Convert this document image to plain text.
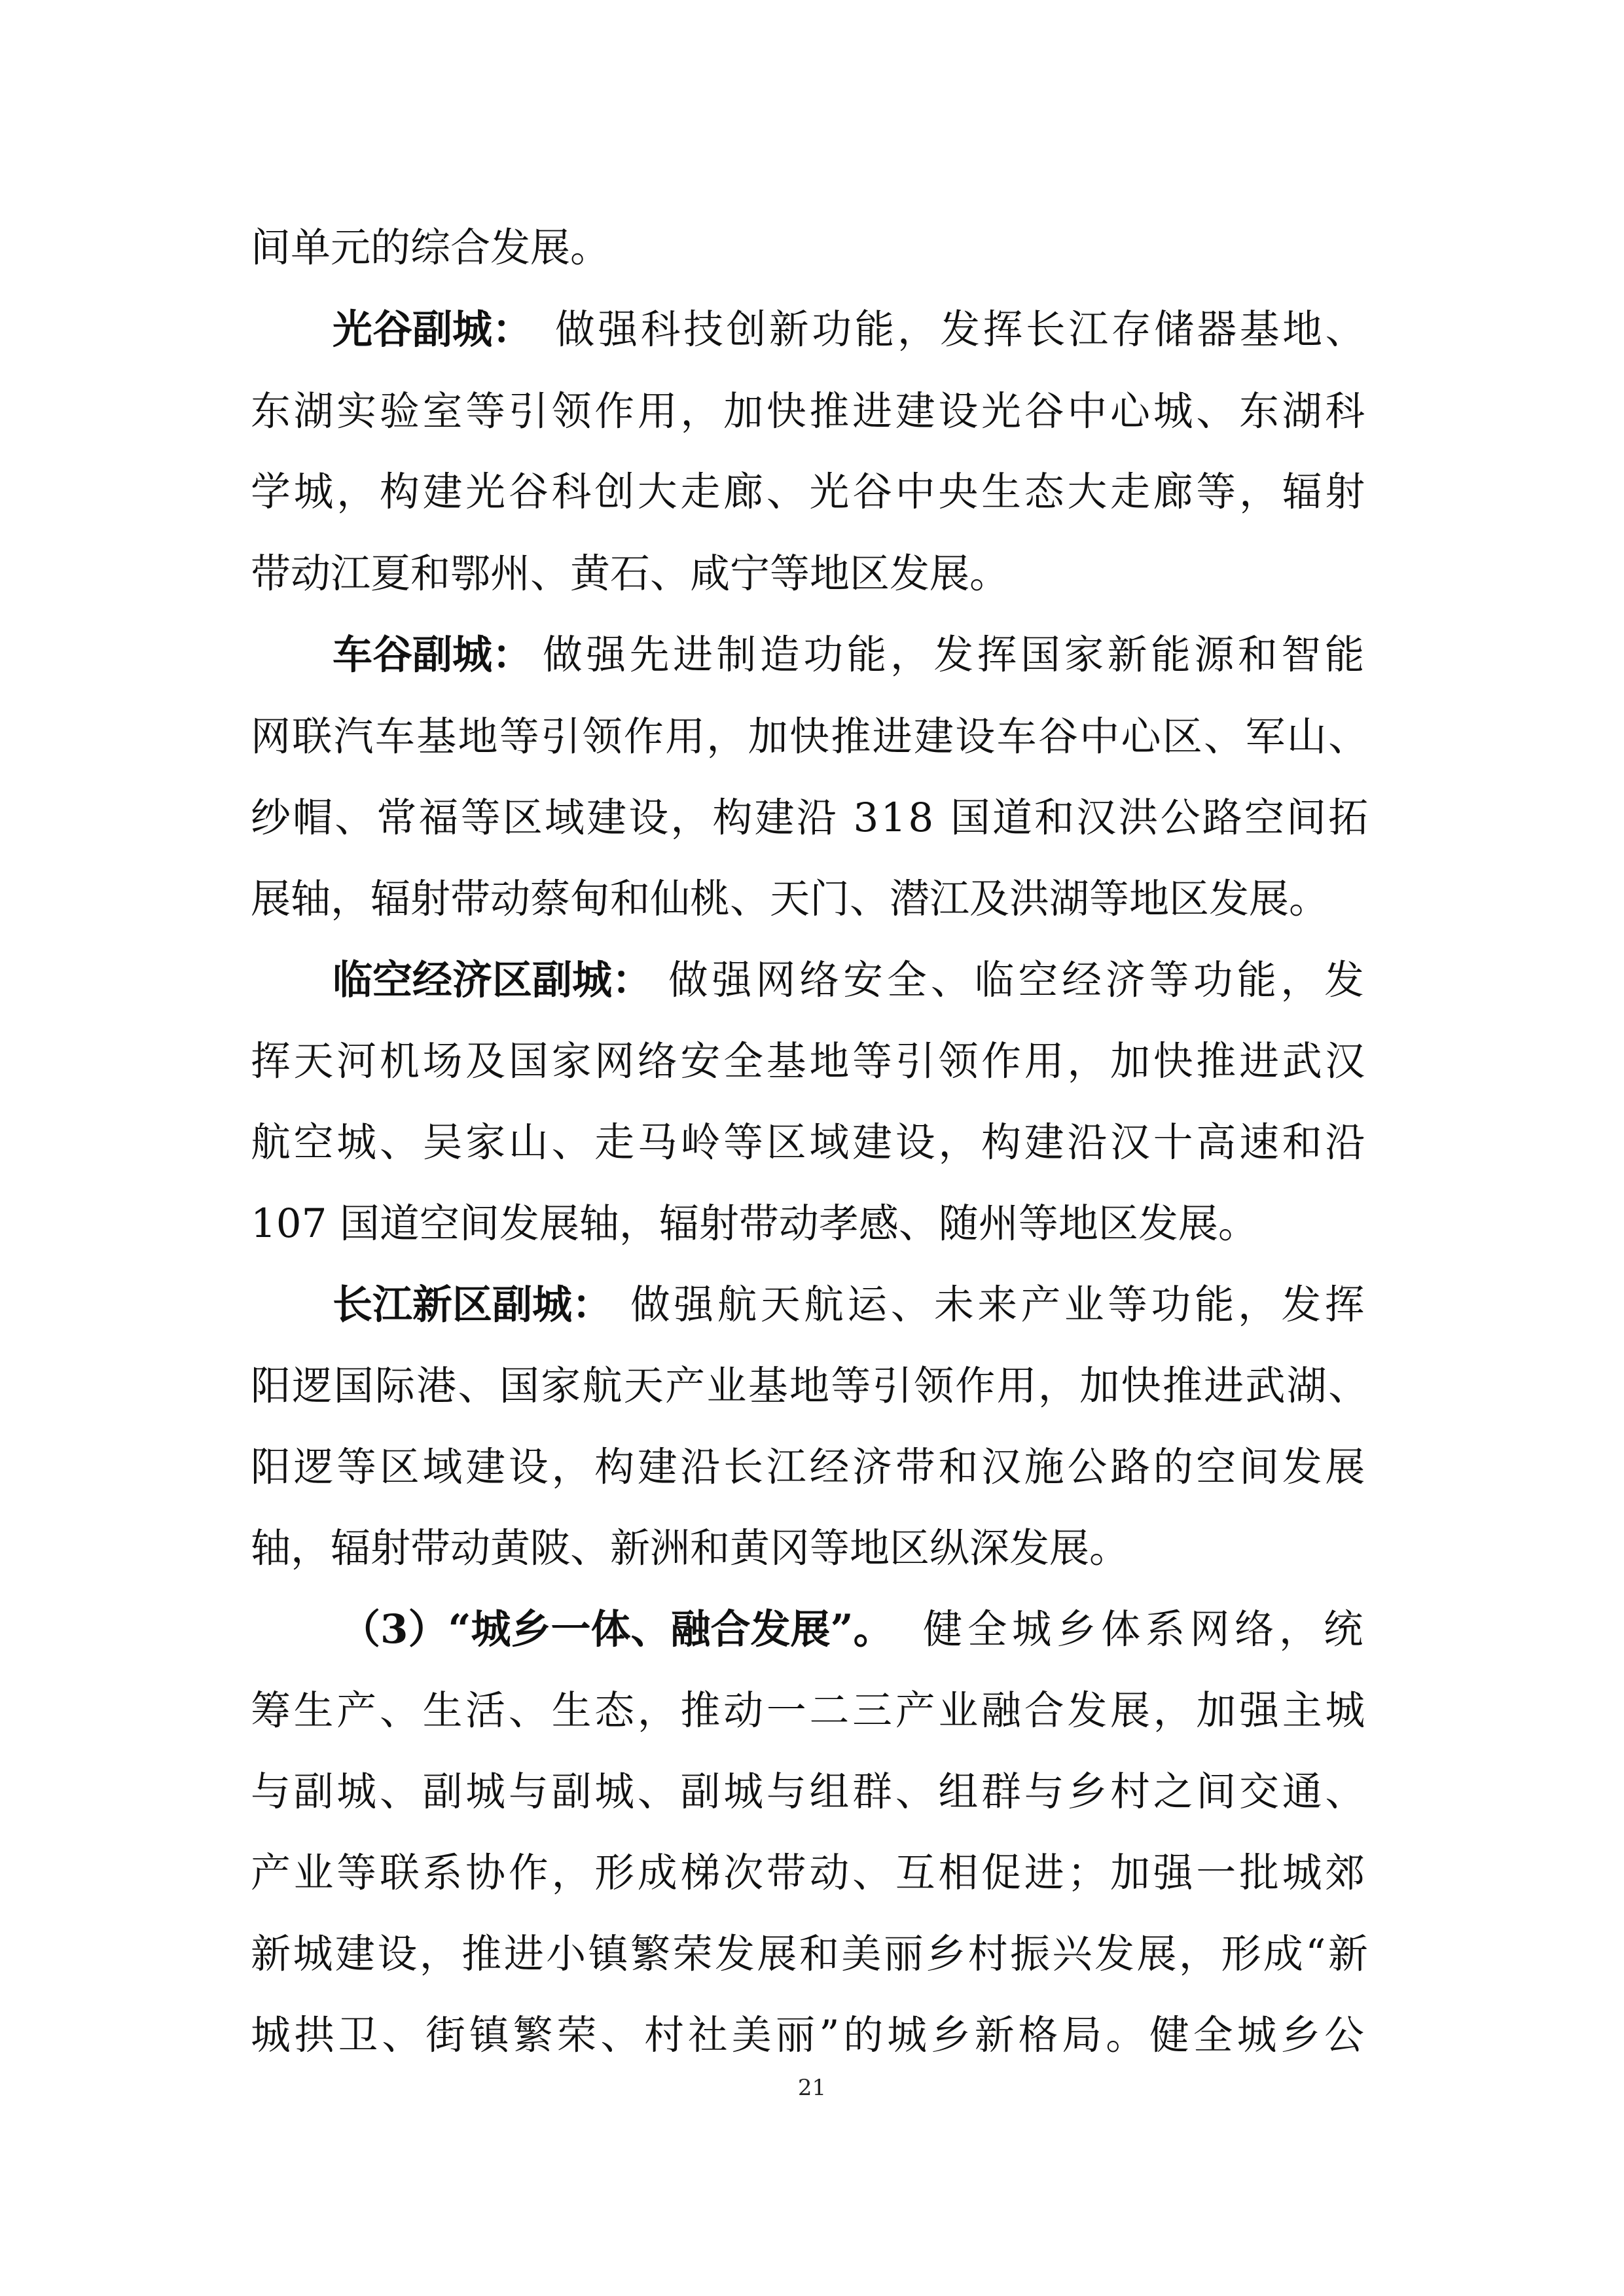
间单元的综合发展。
光谷副城： 做强科技创新功能，发挥长江存储器基地、
东湖实验室等引领作用，加快推进建设光谷中心城、东湖科
学城，构建光谷科创大走廊、光谷中央生态大走廊等，辐射
带动江夏和鄂州、黄石、咸宁等地区发展。
车谷副城： 做强先进制造功能，发挥国家新能源和智能
网联汽车基地等引领作用，加快推进建设车谷中心区、军山、
纱帽、常福等区域建设，构建沿 318 国道和汉洪公路空间拓
展轴，辐射带动蔡甸和仙桃、天门、潜江及洪湖等地区发展。
临空经济区副城： 做强网络安全、临空经济等功能，发
挥天河机场及国家网络安全基地等引领作用，加快推进武汉
航空城、吴家山、走马岭等区域建设，构建沿汉十高速和沿
107 国道空间发展轴，辐射带动孝感、随州等地区发展。
长江新区副城： 做强航天航运、未来产业等功能，发挥
阳逻国际港、国家航天产业基地等引领作用，加快推进武湖、
阳逻等区域建设，构建沿长江经济带和汉施公路的空间发展
轴，辐射带动黄陂、新洲和黄冈等地区纵深发展。
（3）“城乡一体、融合发展”。 健全城乡体系网络，统
筹生产、生活、生态，推动一二三产业融合发展，加强主城
与副城、副城与副城、副城与组群、组群与乡村之间交通、
产业等联系协作，形成梯次带动、互相促进；加强一批城郊
新城建设，推进小镇繁荣发展和美丽乡村振兴发展，形成“新
城拱卫、街镇繁荣、村社美丽”的城乡新格局。健全城乡公
21
